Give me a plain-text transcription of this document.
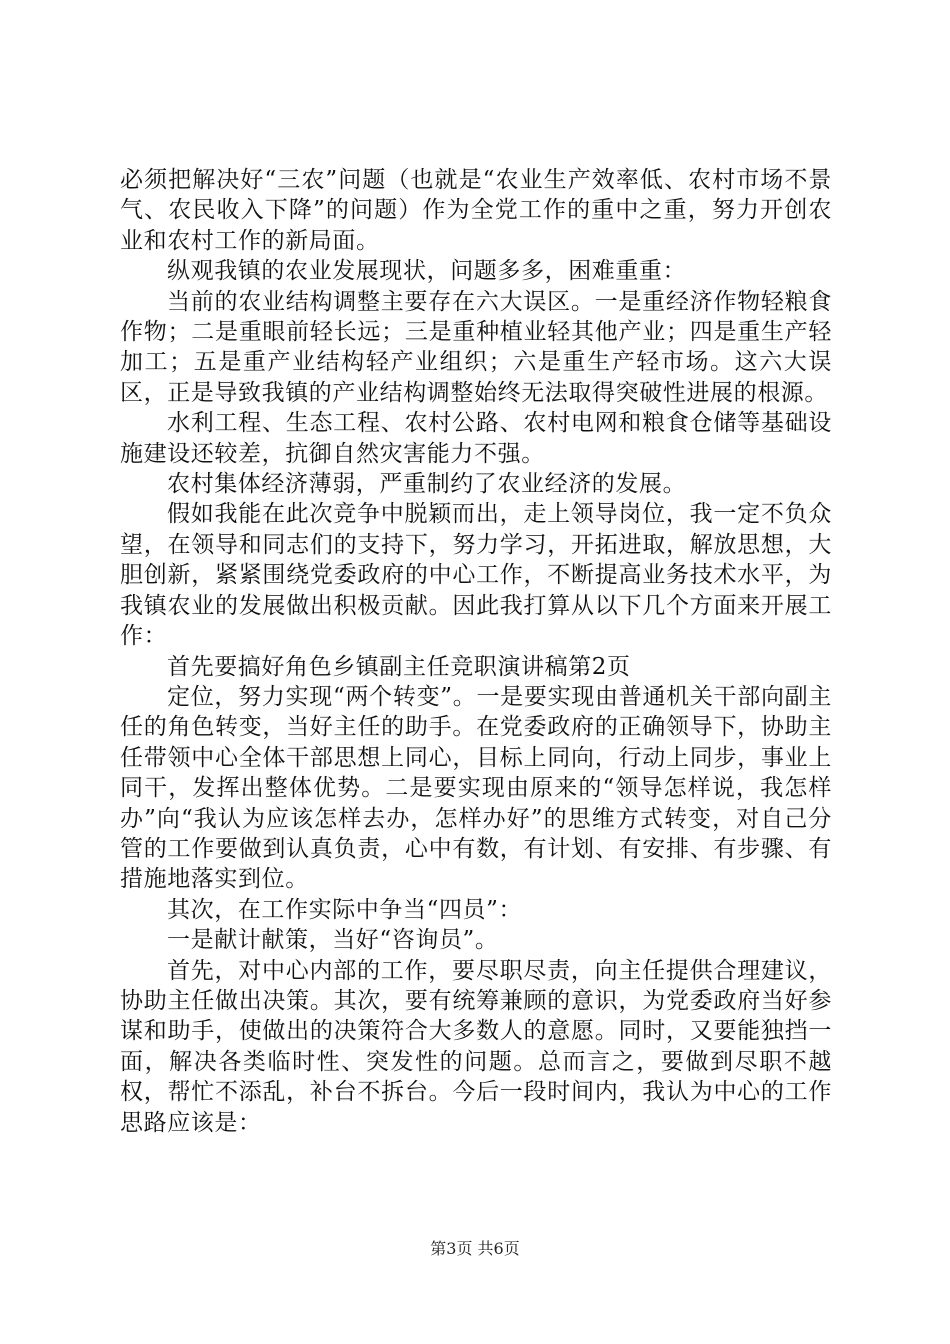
必须把解决好“三农”问题（也就是“农业生产效率低、农村市场不景气、农民收入下降”的问题）作为全党工作的重中之重，努力开创农业和农村工作的新局面。

纵观我镇的农业发展现状，问题多多，困难重重：

当前的农业结构调整主要存在六大误区。一是重经济作物轻粮食作物；二是重眼前轻长远；三是重种植业轻其他产业；四是重生产轻加工；五是重产业结构轻产业组织；六是重生产轻市场。这六大误区，正是导致我镇的产业结构调整始终无法取得突破性进展的根源。

水利工程、生态工程、农村公路、农村电网和粮食仓储等基础设施建设还较差，抗御自然灾害能力不强。

农村集体经济薄弱，严重制约了农业经济的发展。

假如我能在此次竞争中脱颖而出，走上领导岗位，我一定不负众望，在领导和同志们的支持下，努力学习，开拓进取，解放思想，大胆创新，紧紧围绕党委政府的中心工作，不断提高业务技术水平，为我镇农业的发展做出积极贡献。因此我打算从以下几个方面来开展工作：

首先要搞好角色乡镇副主任竞职演讲稿第2页

定位，努力实现“两个转变”。一是要实现由普通机关干部向副主任的角色转变，当好主任的助手。在党委政府的正确领导下，协助主任带领中心全体干部思想上同心，目标上同向，行动上同步，事业上同干，发挥出整体优势。二是要实现由原来的“领导怎样说，我怎样办”向“我认为应该怎样去办，怎样办好”的思维方式转变，对自己分管的工作要做到认真负责，心中有数，有计划、有安排、有步骤、有措施地落实到位。

其次，在工作实际中争当“四员”：

一是献计献策，当好“咨询员”。

首先，对中心内部的工作，要尽职尽责，向主任提供合理建议，协助主任做出决策。其次，要有统筹兼顾的意识，为党委政府当好参谋和助手，使做出的决策符合大多数人的意愿。同时，又要能独挡一面，解决各类临时性、突发性的问题。总而言之，要做到尽职不越权，帮忙不添乱，补台不拆台。今后一段时间内，我认为中心的工作思路应该是：

第3页 共6页
